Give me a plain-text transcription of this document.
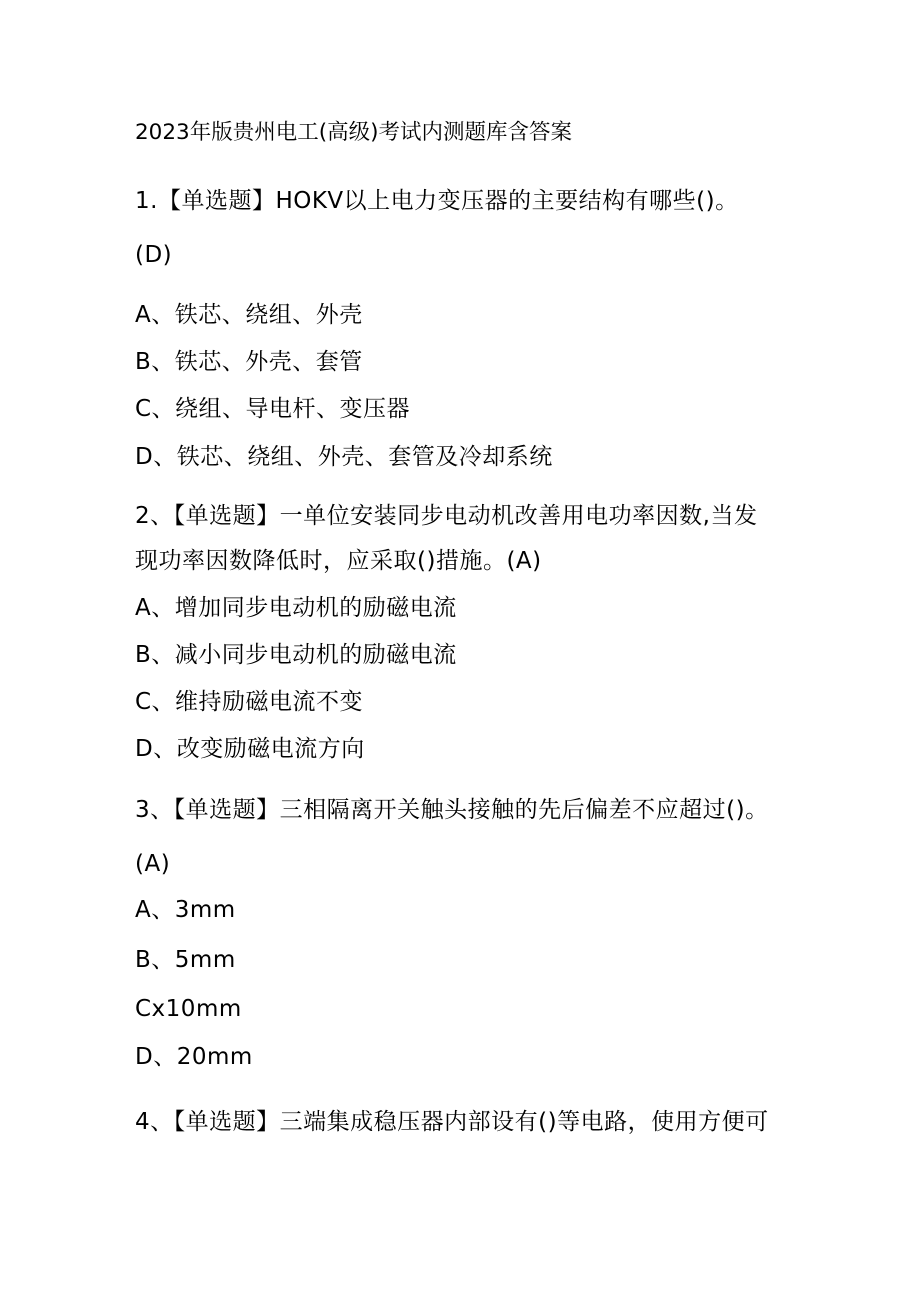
2023年版贵州电工(高级)考试内测题库含答案
1.【单选题】HOKV以上电力变压器的主要结构有哪些()。
(D)
A、铁芯、绕组、外壳
B、铁芯、外壳、套管
C、绕组、导电杆、变压器
D、铁芯、绕组、外壳、套管及冷却系统
2、【单选题】一单位安装同步电动机改善用电功率因数,当发
现功率因数降低时，应采取()措施。(A)
A、增加同步电动机的励磁电流
B、减小同步电动机的励磁电流
C、维持励磁电流不变
D、改变励磁电流方向
3、【单选题】三相隔离开关触头接触的先后偏差不应超过()。
(A)
A、3mm
B、5mm
Cx10mm
D、20mm
4、【单选题】三端集成稳压器内部设有()等电路，使用方便可
